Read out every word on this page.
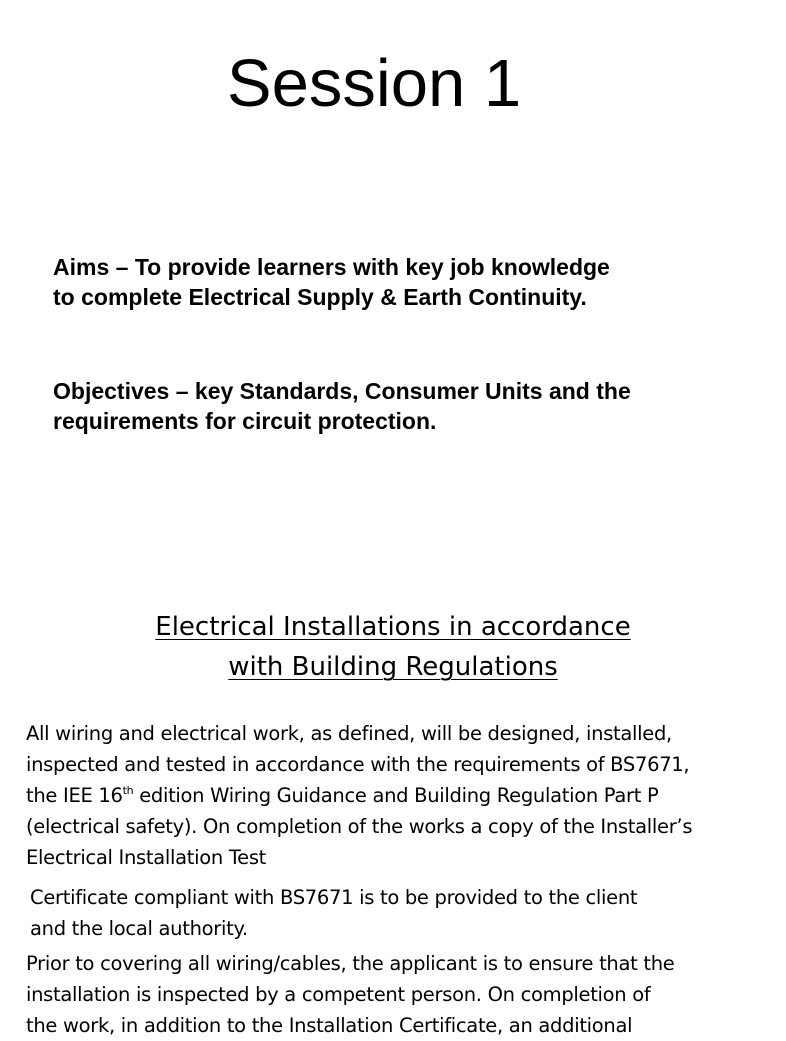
Session 1

Aims – To provide learners with key job knowledge
to complete Electrical Supply & Earth Continuity.

Objectives – key Standards, Consumer Units and the
requirements for circuit protection.

Electrical Installations in accordance
with Building Regulations

All wiring and electrical work, as defined, will be designed, installed,
inspected and tested in accordance with the requirements of BS7671,
the IEE 16th edition Wiring Guidance and Building Regulation Part P
(electrical safety). On completion of the works a copy of the Installer’s
Electrical Installation Test

Certificate compliant with BS7671 is to be provided to the client
and the local authority.

Prior to covering all wiring/cables, the applicant is to ensure that the
installation is inspected by a competent person. On completion of
the work, in addition to the Installation Certificate, an additional
